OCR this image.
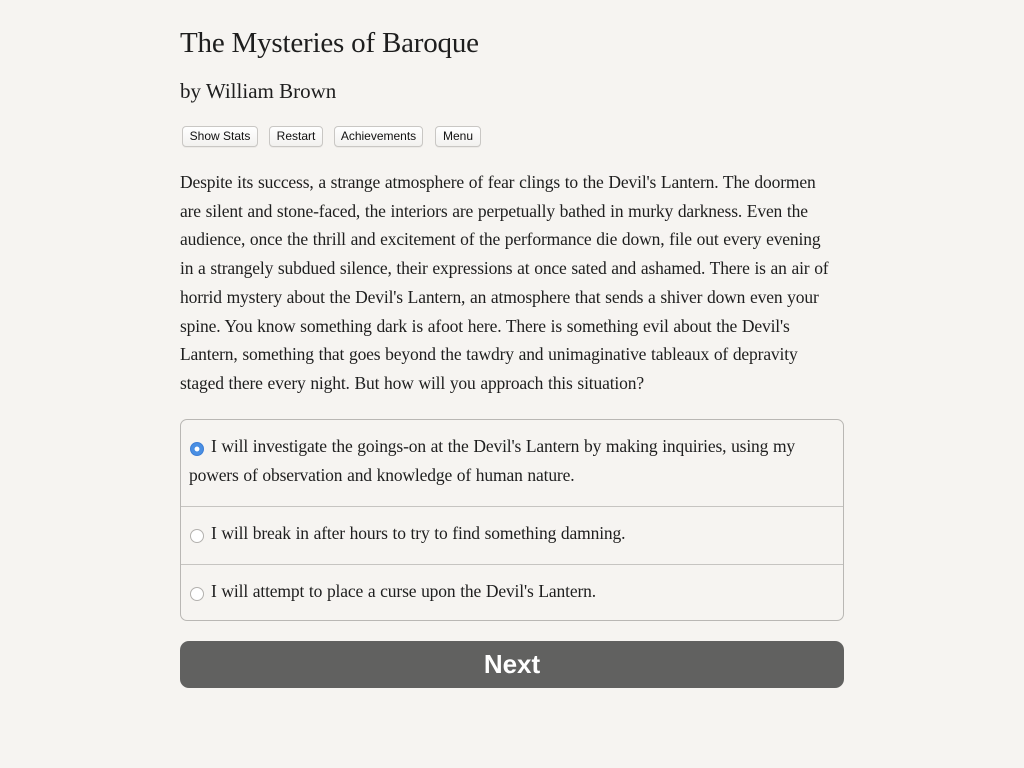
The Mysteries of Baroque
by William Brown
Show Stats	Restart	Achievements	Menu
Despite its success, a strange atmosphere of fear clings to the Devil's Lantern. The doormen
are silent and stone-faced, the interiors are perpetually bathed in murky darkness. Even the
audience, once the thrill and excitement of the performance die down, file out every evening
in a strangely subdued silence, their expressions at once sated and ashamed. There is an air of
horrid mystery about the Devil's Lantern, an atmosphere that sends a shiver down even your
spine. You know something dark is afoot here. There is something evil about the Devil's
Lantern, something that goes beyond the tawdry and unimaginative tableaux of depravity
staged there every night. But how will you approach this situation?
I will investigate the goings-on at the Devil's Lantern by making inquiries, using my
powers of observation and knowledge of human nature.
I will break in after hours to try to find something damning.
I will attempt to place a curse upon the Devil's Lantern.
Next
